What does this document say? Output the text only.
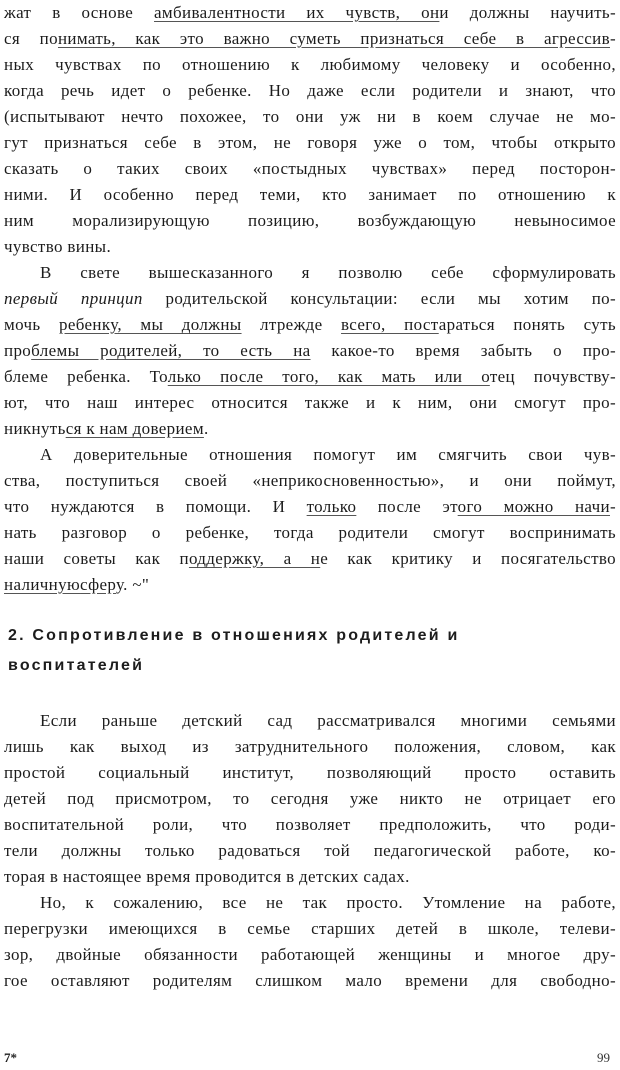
жат в основе амбивалентности их чувств, они должны научить-
ся понимать, как это важно суметь признаться себе в агрессив-
ных чувствах по отношению к любимому человеку и особенно,
когда речь идет о ребенке. Но даже если родители и знают, что
(испытывают нечто похожее, то они уж ни в коем случае не мо-
гут признаться себе в этом, не говоря уже о том, чтобы открыто
сказать о таких своих «постыдных чувствах» перед посторон-
ними. И особенно перед теми, кто занимает по отношению к
ним морализирующую позицию, возбуждающую невыносимое
чувство вины.
В свете вышесказанного я позволю себе сформулировать
первый принцип родительской консультации: если мы хотим по-
мочь ребенку, мы должны лтрежде всего, постараться понять суть
проблемы родителей, то есть на какое-то время забыть о про-
блеме ребенка. Только после того, как мать или отец почувству-
ют, что наш интерес относится также и к ним, они смогут про-
никнуться к нам доверием.
А доверительные отношения помогут им смягчить свои чув-
ства, поступиться своей «неприкосновенностью», и они поймут,
что нуждаются в помощи. И только после этого можно начи-
нать разговор о ребенке, тогда родители смогут воспринимать
наши советы как поддержку, а не как критику и посягательство
наличнуюсферу. ~"
2. Сопротивление в отношениях родителей и
воспитателей
Если раньше детский сад рассматривался многими семьями
лишь как выход из затруднительного положения, словом, как
простой социальный институт, позволяющий просто оставить
детей под присмотром, то сегодня уже никто не отрицает его
воспитательной роли, что позволяет предположить, что роди-
тели должны только радоваться той педагогической работе, ко-
торая в настоящее время проводится в детских садах.
Но, к сожалению, все не так просто. Утомление на работе,
перегрузки имеющихся в семье старших детей в школе, телеви-
зор, двойные обязанности работающей женщины и многое дру-
гое оставляют родителям слишком мало времени для свободно-
7*	99
